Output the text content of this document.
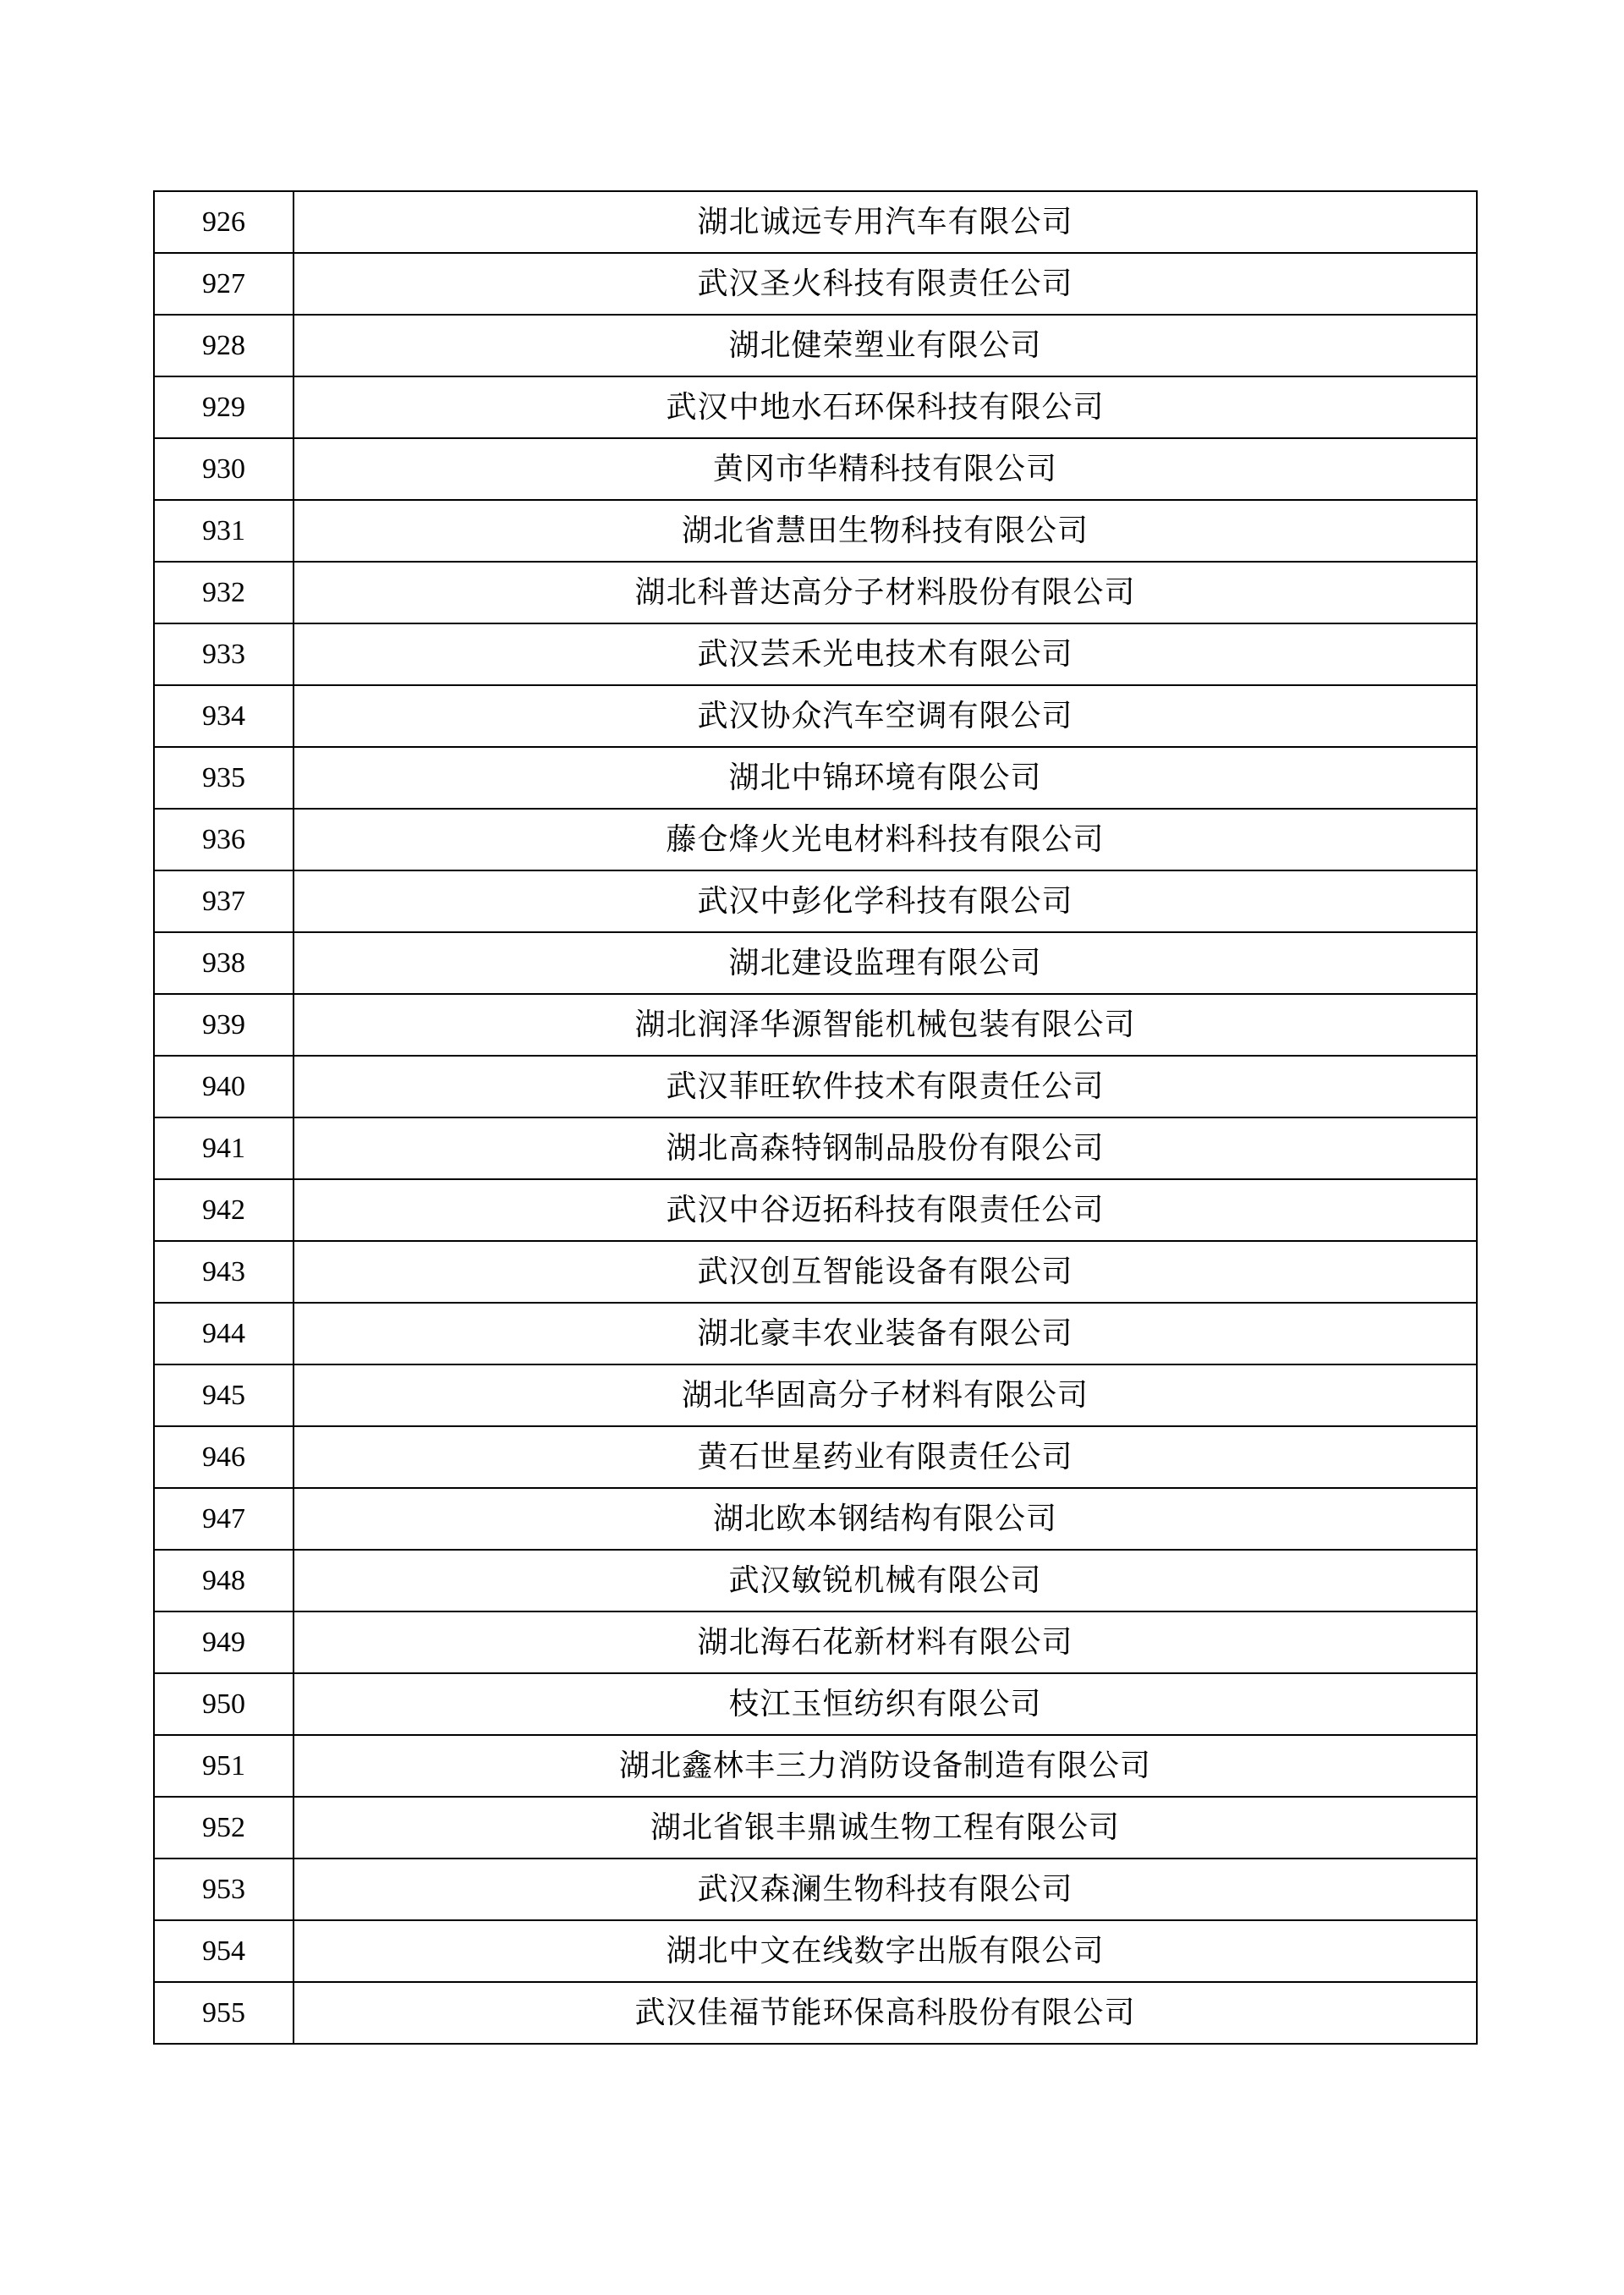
926	湖北诚远专用汽车有限公司
927	武汉圣火科技有限责任公司
928	湖北健荣塑业有限公司
929	武汉中地水石环保科技有限公司
930	黄冈市华精科技有限公司
931	湖北省慧田生物科技有限公司
932	湖北科普达高分子材料股份有限公司
933	武汉芸禾光电技术有限公司
934	武汉协众汽车空调有限公司
935	湖北中锦环境有限公司
936	藤仓烽火光电材料科技有限公司
937	武汉中彭化学科技有限公司
938	湖北建设监理有限公司
939	湖北润泽华源智能机械包装有限公司
940	武汉菲旺软件技术有限责任公司
941	湖北高森特钢制品股份有限公司
942	武汉中谷迈拓科技有限责任公司
943	武汉创互智能设备有限公司
944	湖北豪丰农业装备有限公司
945	湖北华固高分子材料有限公司
946	黄石世星药业有限责任公司
947	湖北欧本钢结构有限公司
948	武汉敏锐机械有限公司
949	湖北海石花新材料有限公司
950	枝江玉恒纺织有限公司
951	湖北鑫林丰三力消防设备制造有限公司
952	湖北省银丰鼎诚生物工程有限公司
953	武汉森澜生物科技有限公司
954	湖北中文在线数字出版有限公司
955	武汉佳福节能环保高科股份有限公司
